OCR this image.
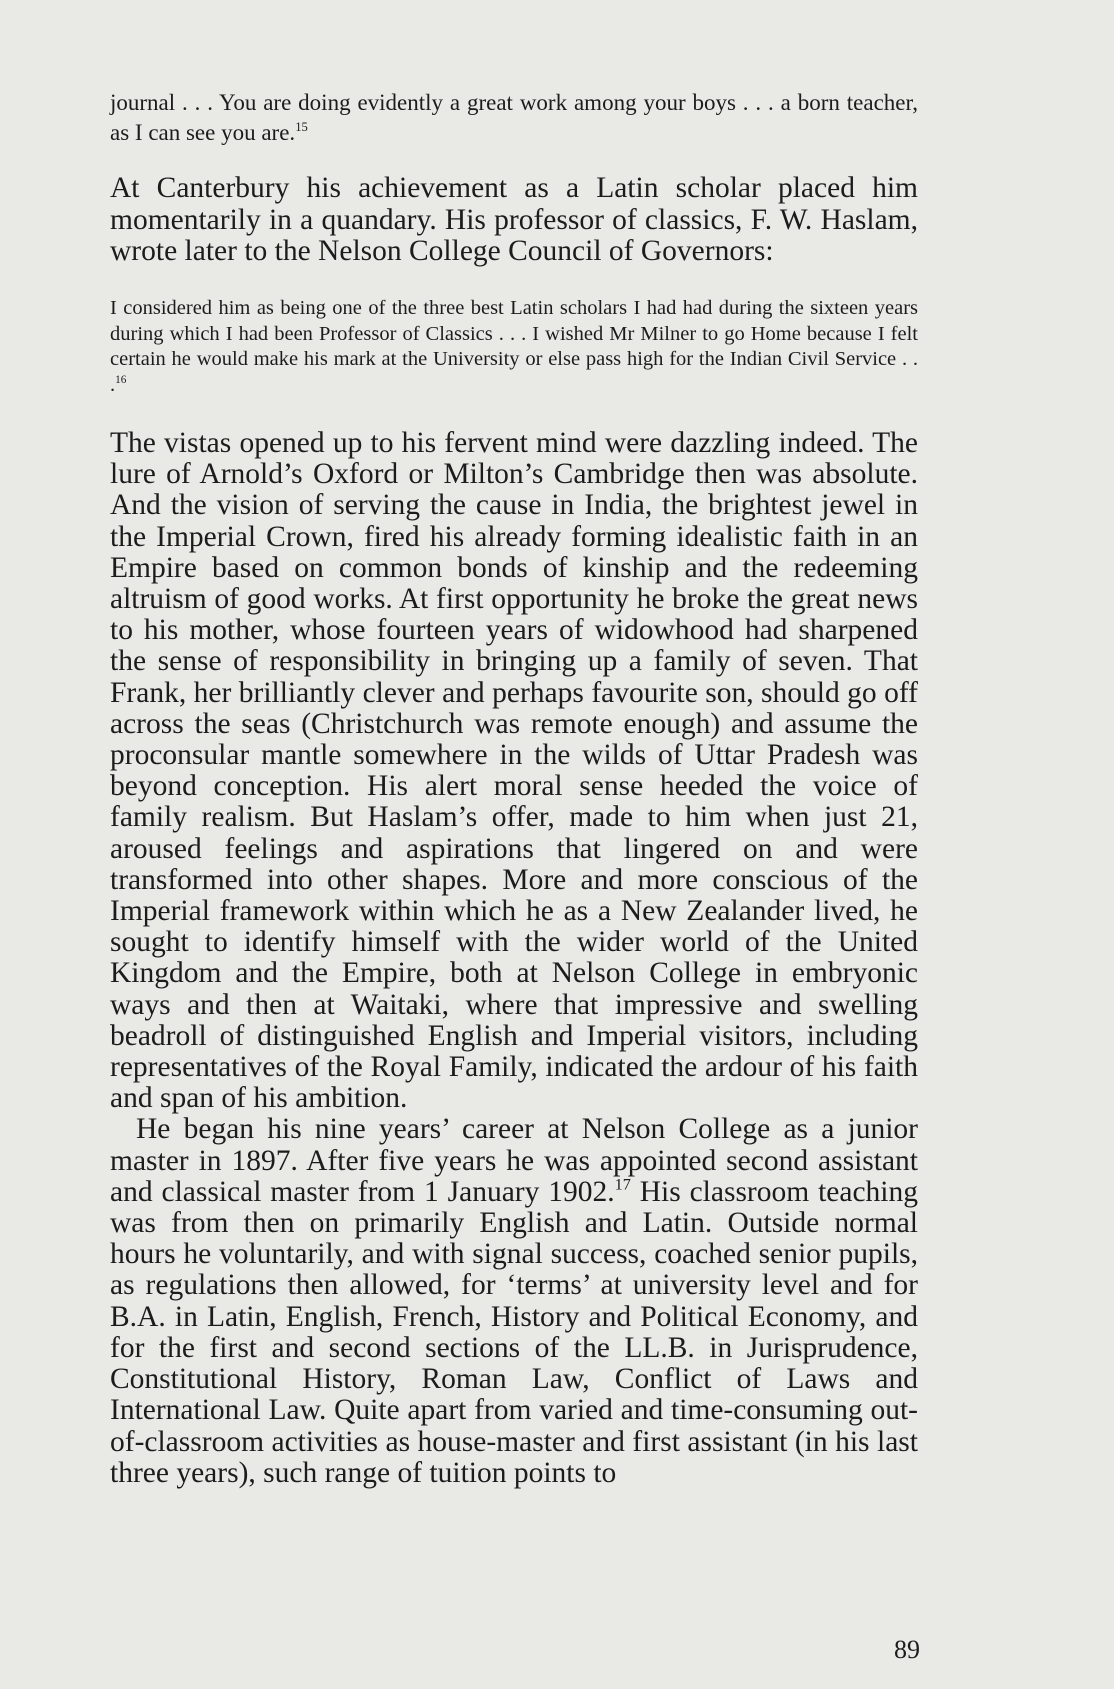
journal . . . You are doing evidently a great work among your boys . . . a born teacher, as I can see you are.$^{15}$

At Canterbury his achievement as a Latin scholar placed him momentarily in a quandary. His professor of classics, F. W. Haslam, wrote later to the Nelson College Council of Governors:

I considered him as being one of the three best Latin scholars I had had during the sixteen years during which I had been Professor of Classics . . . I wished Mr Milner to go Home because I felt certain he would make his mark at the University or else pass high for the Indian Civil Service . . .$^{16}$

The vistas opened up to his fervent mind were dazzling indeed. The lure of Arnold’s Oxford or Milton’s Cambridge then was absolute. And the vision of serving the cause in India, the brightest jewel in the Imperial Crown, fired his already forming idealistic faith in an Empire based on common bonds of kinship and the redeeming altruism of good works. At first opportunity he broke the great news to his mother, whose fourteen years of widowhood had sharpened the sense of responsibility in bringing up a family of seven. That Frank, her brilliantly clever and perhaps favourite son, should go off across the seas (Christchurch was remote enough) and assume the proconsular mantle somewhere in the wilds of Uttar Pradesh was beyond conception. His alert moral sense heeded the voice of family realism. But Haslam’s offer, made to him when just 21, aroused feelings and aspirations that lingered on and were transformed into other shapes. More and more conscious of the Imperial framework within which he as a New Zealander lived, he sought to identify himself with the wider world of the United Kingdom and the Empire, both at Nelson College in embryonic ways and then at Waitaki, where that impressive and swelling beadroll of distinguished English and Imperial visitors, including representatives of the Royal Family, indicated the ardour of his faith and span of his ambition.

He began his nine years’ career at Nelson College as a junior master in 1897. After five years he was appointed second assistant and classical master from 1 January 1902.17 His classroom teaching was from then on primarily English and Latin. Outside normal hours he voluntarily, and with signal success, coached senior pupils, as regulations then allowed, for ‘terms’ at university level and for B.A. in Latin, English, French, History and Political Economy, and for the first and second sections of the LL.B. in Jurisprudence, Constitutional History, Roman Law, Conflict of Laws and International Law. Quite apart from varied and time-consuming out-of-classroom activities as house-master and first assistant (in his last three years), such range of tuition points to

89
